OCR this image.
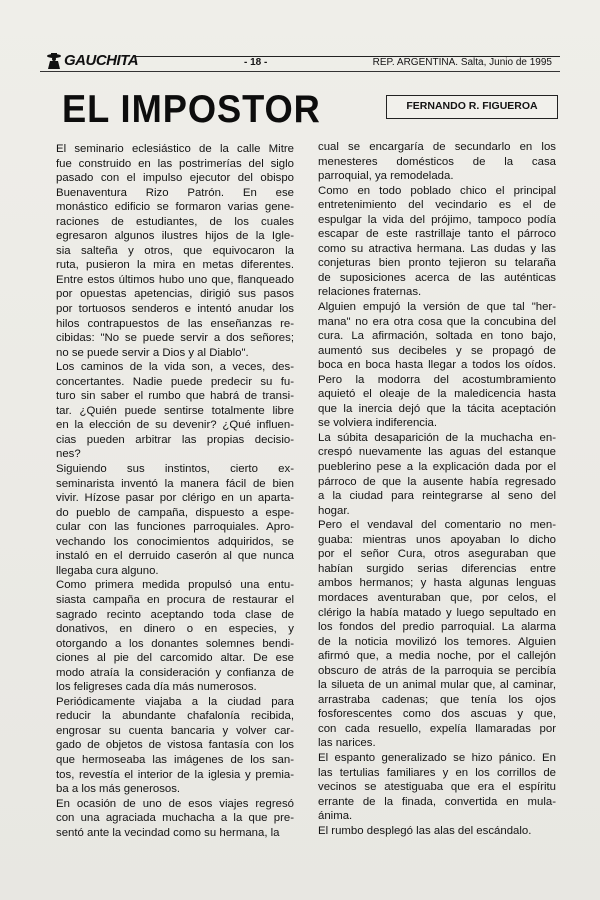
GAUCHITA	- 18 -	REP. ARGENTINA. Salta, Junio de 1995
EL IMPOSTOR	FERNANDO R. FIGUEROA

El seminario eclesiástico de la calle Mitre
fue construido en las postrimerías del siglo
pasado con el impulso ejecutor del obispo
Buenaventura Rizo Patrón. En ese
monástico edificio se formaron varias gene-
raciones de estudiantes, de los cuales
egresaron algunos ilustres hijos de la Igle-
sia salteña y otros, que equivocaron la
ruta, pusieron la mira en metas diferentes.
Entre estos últimos hubo uno que, flanqueado
por opuestas apetencias, dirigió sus pasos
por tortuosos senderos e intentó anudar los
hilos contrapuestos de las enseñanzas re-
cibidas: "No se puede servir a dos señores;
no se puede servir a Dios y al Diablo".

Los caminos de la vida son, a veces, des-
concertantes. Nadie puede predecir su fu-
turo sin saber el rumbo que habrá de transi-
tar. ¿Quién puede sentirse totalmente libre
en la elección de su devenir? ¿Qué influen-
cias pueden arbitrar las propias decisio-
nes?

Siguiendo sus instintos, cierto ex-
seminarista inventó la manera fácil de bien
vivir. Hízose pasar por clérigo en un aparta-
do pueblo de campaña, dispuesto a espe-
cular con las funciones parroquiales. Apro-
vechando los conocimientos adquiridos, se
instaló en el derruido caserón al que nunca
llegaba cura alguno.

Como primera medida propulsó una entu-
siasta campaña en procura de restaurar el
sagrado recinto aceptando toda clase de
donativos, en dinero o en especies, y
otorgando a los donantes solemnes bendi-
ciones al pie del carcomido altar. De ese
modo atraía la consideración y confianza de
los feligreses cada día más numerosos.

Periódicamente viajaba a la ciudad para
reducir la abundante chafalonía recibida,
engrosar su cuenta bancaria y volver car-
gado de objetos de vistosa fantasía con los
que hermoseaba las imágenes de los san-
tos, revestía el interior de la iglesia y premia-
ba a los más generosos.

En ocasión de uno de esos viajes regresó
con una agraciada muchacha a la que pre-
sentó ante la vecindad como su hermana, la

cual se encargaría de secundarlo en los
menesteres domésticos de la casa
parroquial, ya remodelada.

Como en todo poblado chico el principal
entretenimiento del vecindario es el de
espulgar la vida del prójimo, tampoco podía
escapar de este rastrillaje tanto el párroco
como su atractiva hermana. Las dudas y las
conjeturas bien pronto tejieron su telaraña
de suposiciones acerca de las auténticas
relaciones fraternas.

Alguien empujó la versión de que tal "her-
mana" no era otra cosa que la concubina del
cura. La afirmación, soltada en tono bajo,
aumentó sus decibeles y se propagó de
boca en boca hasta llegar a todos los oídos.
Pero la modorra del acostumbramiento
aquietó el oleaje de la maledicencia hasta
que la inercia dejó que la tácita aceptación
se volviera indiferencia.

La súbita desaparición de la muchacha en-
crespó nuevamente las aguas del estanque
pueblerino pese a la explicación dada por el
párroco de que la ausente había regresado
a la ciudad para reintegrarse al seno del
hogar.

Pero el vendaval del comentario no men-
guaba: mientras unos apoyaban lo dicho
por el señor Cura, otros aseguraban que
habían surgido serias diferencias entre
ambos hermanos; y hasta algunas lenguas
mordaces aventuraban que, por celos, el
clérigo la había matado y luego sepultado en
los fondos del predio parroquial. La alarma
de la noticia movilizó los temores. Alguien
afirmó que, a media noche, por el callejón
obscuro de atrás de la parroquia se percibía
la silueta de un animal mular que, al caminar,
arrastraba cadenas; que tenía los ojos
fosforescentes como dos ascuas y que,
con cada resuello, expelía llamaradas por
las narices.

El espanto generalizado se hizo pánico. En
las tertulias familiares y en los corrillos de
vecinos se atestiguaba que era el espíritu
errante de la finada, convertida en mula-
ánima.

El rumbo desplegó las alas del escándalo.
